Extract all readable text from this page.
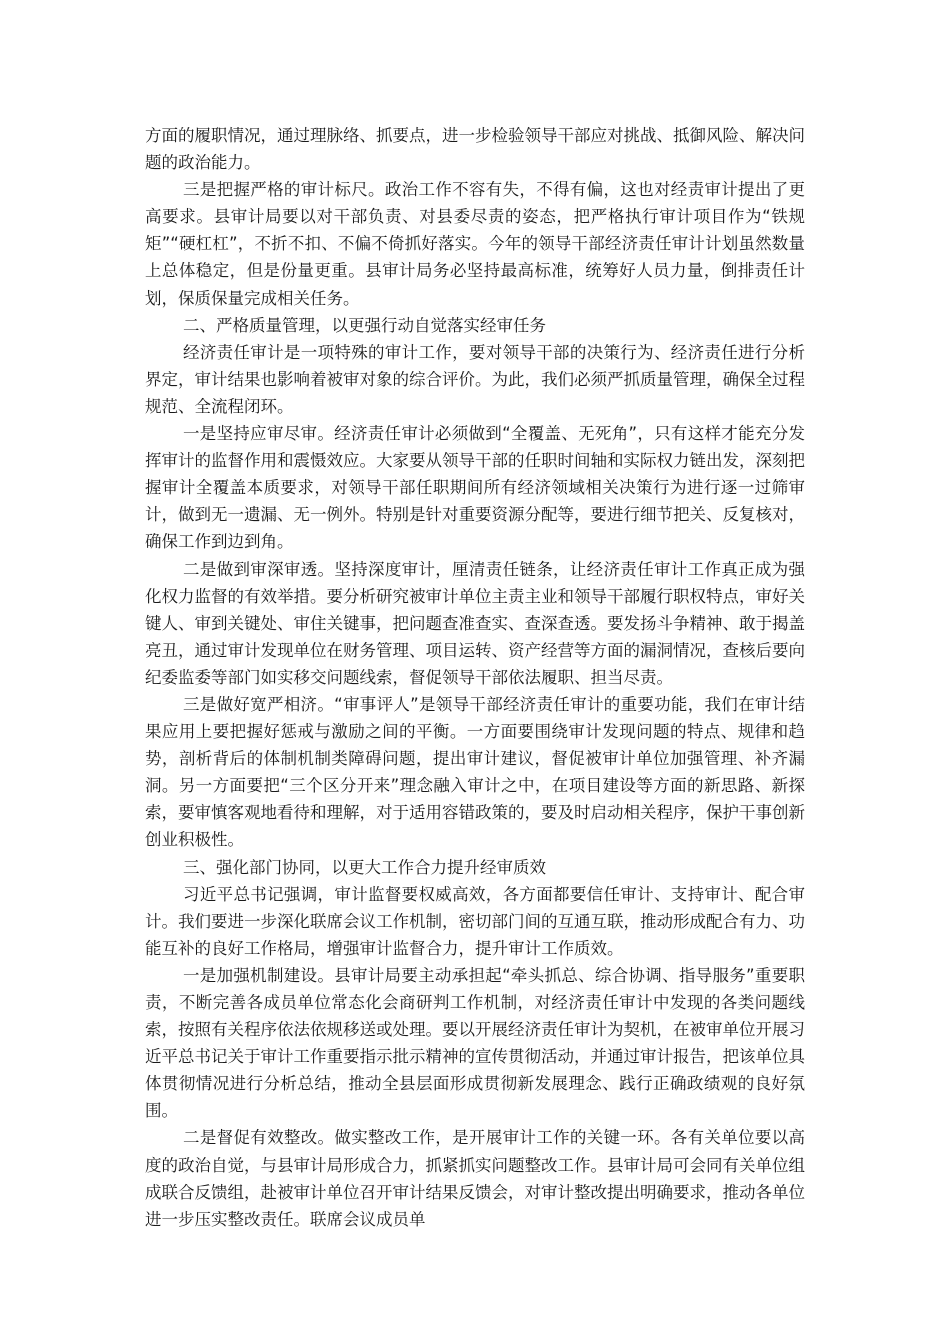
方面的履职情况，通过理脉络、抓要点，进一步检验领导干部应对挑战、抵御风险、解决问题的政治能力。

三是把握严格的审计标尺。政治工作不容有失，不得有偏，这也对经责审计提出了更高要求。县审计局要以对干部负责、对县委尽责的姿态，把严格执行审计项目作为“铁规矩”“硬杠杠”，不折不扣、不偏不倚抓好落实。今年的领导干部经济责任审计计划虽然数量上总体稳定，但是份量更重。县审计局务必坚持最高标准，统筹好人员力量，倒排责任计划，保质保量完成相关任务。

二、严格质量管理，以更强行动自觉落实经审任务

经济责任审计是一项特殊的审计工作，要对领导干部的决策行为、经济责任进行分析界定，审计结果也影响着被审对象的综合评价。为此，我们必须严抓质量管理，确保全过程规范、全流程闭环。

一是坚持应审尽审。经济责任审计必须做到“全覆盖、无死角”，只有这样才能充分发挥审计的监督作用和震慑效应。大家要从领导干部的任职时间轴和实际权力链出发，深刻把握审计全覆盖本质要求，对领导干部任职期间所有经济领域相关决策行为进行逐一过筛审计，做到无一遗漏、无一例外。特别是针对重要资源分配等，要进行细节把关、反复核对，确保工作到边到角。

二是做到审深审透。坚持深度审计，厘清责任链条，让经济责任审计工作真正成为强化权力监督的有效举措。要分析研究被审计单位主责主业和领导干部履行职权特点，审好关键人、审到关键处、审住关键事，把问题查准查实、查深查透。要发扬斗争精神、敢于揭盖亮丑，通过审计发现单位在财务管理、项目运转、资产经营等方面的漏洞情况，查核后要向纪委监委等部门如实移交问题线索，督促领导干部依法履职、担当尽责。

三是做好宽严相济。“审事评人”是领导干部经济责任审计的重要功能，我们在审计结果应用上要把握好惩戒与激励之间的平衡。一方面要围绕审计发现问题的特点、规律和趋势，剖析背后的体制机制类障碍问题，提出审计建议，督促被审计单位加强管理、补齐漏洞。另一方面要把“三个区分开来”理念融入审计之中，在项目建设等方面的新思路、新探索，要审慎客观地看待和理解，对于适用容错政策的，要及时启动相关程序，保护干事创新创业积极性。

三、强化部门协同，以更大工作合力提升经审质效

习近平总书记强调，审计监督要权威高效，各方面都要信任审计、支持审计、配合审计。我们要进一步深化联席会议工作机制，密切部门间的互通互联，推动形成配合有力、功能互补的良好工作格局，增强审计监督合力，提升审计工作质效。

一是加强机制建设。县审计局要主动承担起“牵头抓总、综合协调、指导服务”重要职责，不断完善各成员单位常态化会商研判工作机制，对经济责任审计中发现的各类问题线索，按照有关程序依法依规移送或处理。要以开展经济责任审计为契机，在被审单位开展习近平总书记关于审计工作重要指示批示精神的宣传贯彻活动，并通过审计报告，把该单位具体贯彻情况进行分析总结，推动全县层面形成贯彻新发展理念、践行正确政绩观的良好氛围。

二是督促有效整改。做实整改工作，是开展审计工作的关键一环。各有关单位要以高度的政治自觉，与县审计局形成合力，抓紧抓实问题整改工作。县审计局可会同有关单位组成联合反馈组，赴被审计单位召开审计结果反馈会，对审计整改提出明确要求，推动各单位进一步压实整改责任。联席会议成员单
